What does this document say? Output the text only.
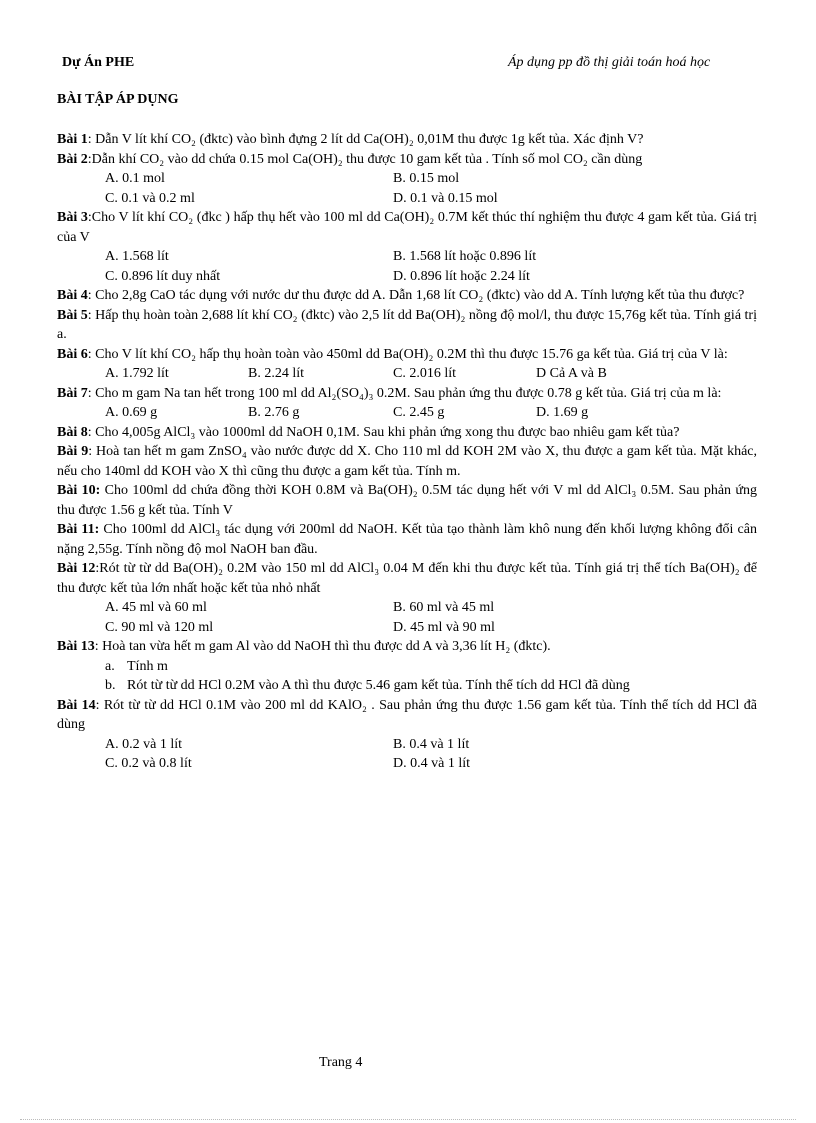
Dự Án PHE	Áp dụng pp đồ thị giải toán hoá học
BÀI TẬP ÁP DỤNG

Bài 1: Dẫn V lít khí CO₂ (đktc) vào bình đựng 2 lít dd Ca(OH)₂ 0,01M thu được 1g kết tủa. Xác định V?

Bài 2:Dẫn khí CO₂ vào dd chứa 0.15 mol Ca(OH)₂ thu được 10 gam kết tủa . Tính số mol CO₂ cần dùng

A. 0.1 mol	B. 0.15 mol
C. 0.1 và 0.2 ml	D. 0.1 và 0.15 mol

Bài 3:Cho V lít khí CO₂ (đkc ) hấp thụ hết vào 100 ml dd Ca(OH)₂ 0.7M kết thúc thí nghiệm thu được 4 gam kết tủa. Giá trị của V

A. 1.568 lít	B. 1.568 lít hoặc 0.896 lít
C. 0.896 lít duy nhất	D. 0.896 lít hoặc 2.24 lít

Bài 4: Cho 2,8g CaO tác dụng với nước dư thu được dd A. Dẫn 1,68 lít CO₂ (đktc) vào dd A. Tính lượng kết tủa thu được?

Bài 5: Hấp thụ hoàn toàn 2,688 lít khí CO₂ (đktc) vào 2,5 lít dd Ba(OH)₂ nồng độ mol/l, thu được 15,76g kết tủa. Tính giá trị a.

Bài 6: Cho V lít khí CO₂ hấp thụ hoàn toàn vào 450ml dd Ba(OH)₂ 0.2M thì thu được 15.76 ga kết tủa. Giá trị của V là:

A. 1.792 lít	B. 2.24 lít	C. 2.016 lít	D Cả A và B

Bài 7: Cho m gam Na tan hết trong 100 ml dd Al₂(SO₄)₃ 0.2M. Sau phản ứng thu được 0.78 g kết tủa. Giá trị của m là:

A. 0.69 g	B. 2.76 g	C. 2.45 g	D. 1.69 g

Bài 8: Cho 4,005g AlCl₃ vào 1000ml dd NaOH 0,1M. Sau khi phản ứng xong thu được bao nhiêu gam kết tủa?

Bài 9: Hoà tan hết m gam ZnSO₄ vào nước được dd X. Cho 110 ml dd KOH 2M vào X, thu được a gam kết tủa. Mặt khác, nếu cho 140ml dd KOH vào X thì cũng thu được a gam kết tủa. Tính m.

Bài 10: Cho 100ml dd chứa đồng thời KOH 0.8M và Ba(OH)₂ 0.5M tác dụng hết với V ml dd AlCl₃ 0.5M. Sau phản ứng thu được 1.56 g kết tủa. Tính V

Bài 11: Cho 100ml dd AlCl₃ tác dụng với 200ml dd NaOH. Kết tủa tạo thành làm khô nung đến khối lượng không đổi cân nặng 2,55g. Tính nồng độ mol NaOH ban đầu.

Bài 12:Rót từ từ dd Ba(OH)₂ 0.2M vào 150 ml dd AlCl₃ 0.04 M đến khi thu được kết tủa. Tính giá trị thể tích Ba(OH)₂ để thu được kết tủa lớn nhất hoặc kết tủa nhỏ nhất

A. 45 ml và 60 ml	B. 60 ml và 45 ml
C. 90 ml và 120 ml	D. 45 ml và 90 ml

Bài 13: Hoà tan vừa hết m gam Al vào dd NaOH thì thu được dd A và 3,36 lít H₂ (đktc).

a. Tính m
b. Rót từ từ dd HCl 0.2M vào A thì thu được 5.46 gam kết tủa. Tính thể tích dd HCl đã dùng

Bài 14: Rót từ từ dd HCl 0.1M vào 200 ml dd KAlO₂ . Sau phản ứng thu được 1.56 gam kết tủa. Tính thể tích dd HCl đã dùng

A. 0.2 và 1 lít	B. 0.4 và 1 lít
C. 0.2 và 0.8 lít	D. 0.4 và 1 lít
Trang 4
